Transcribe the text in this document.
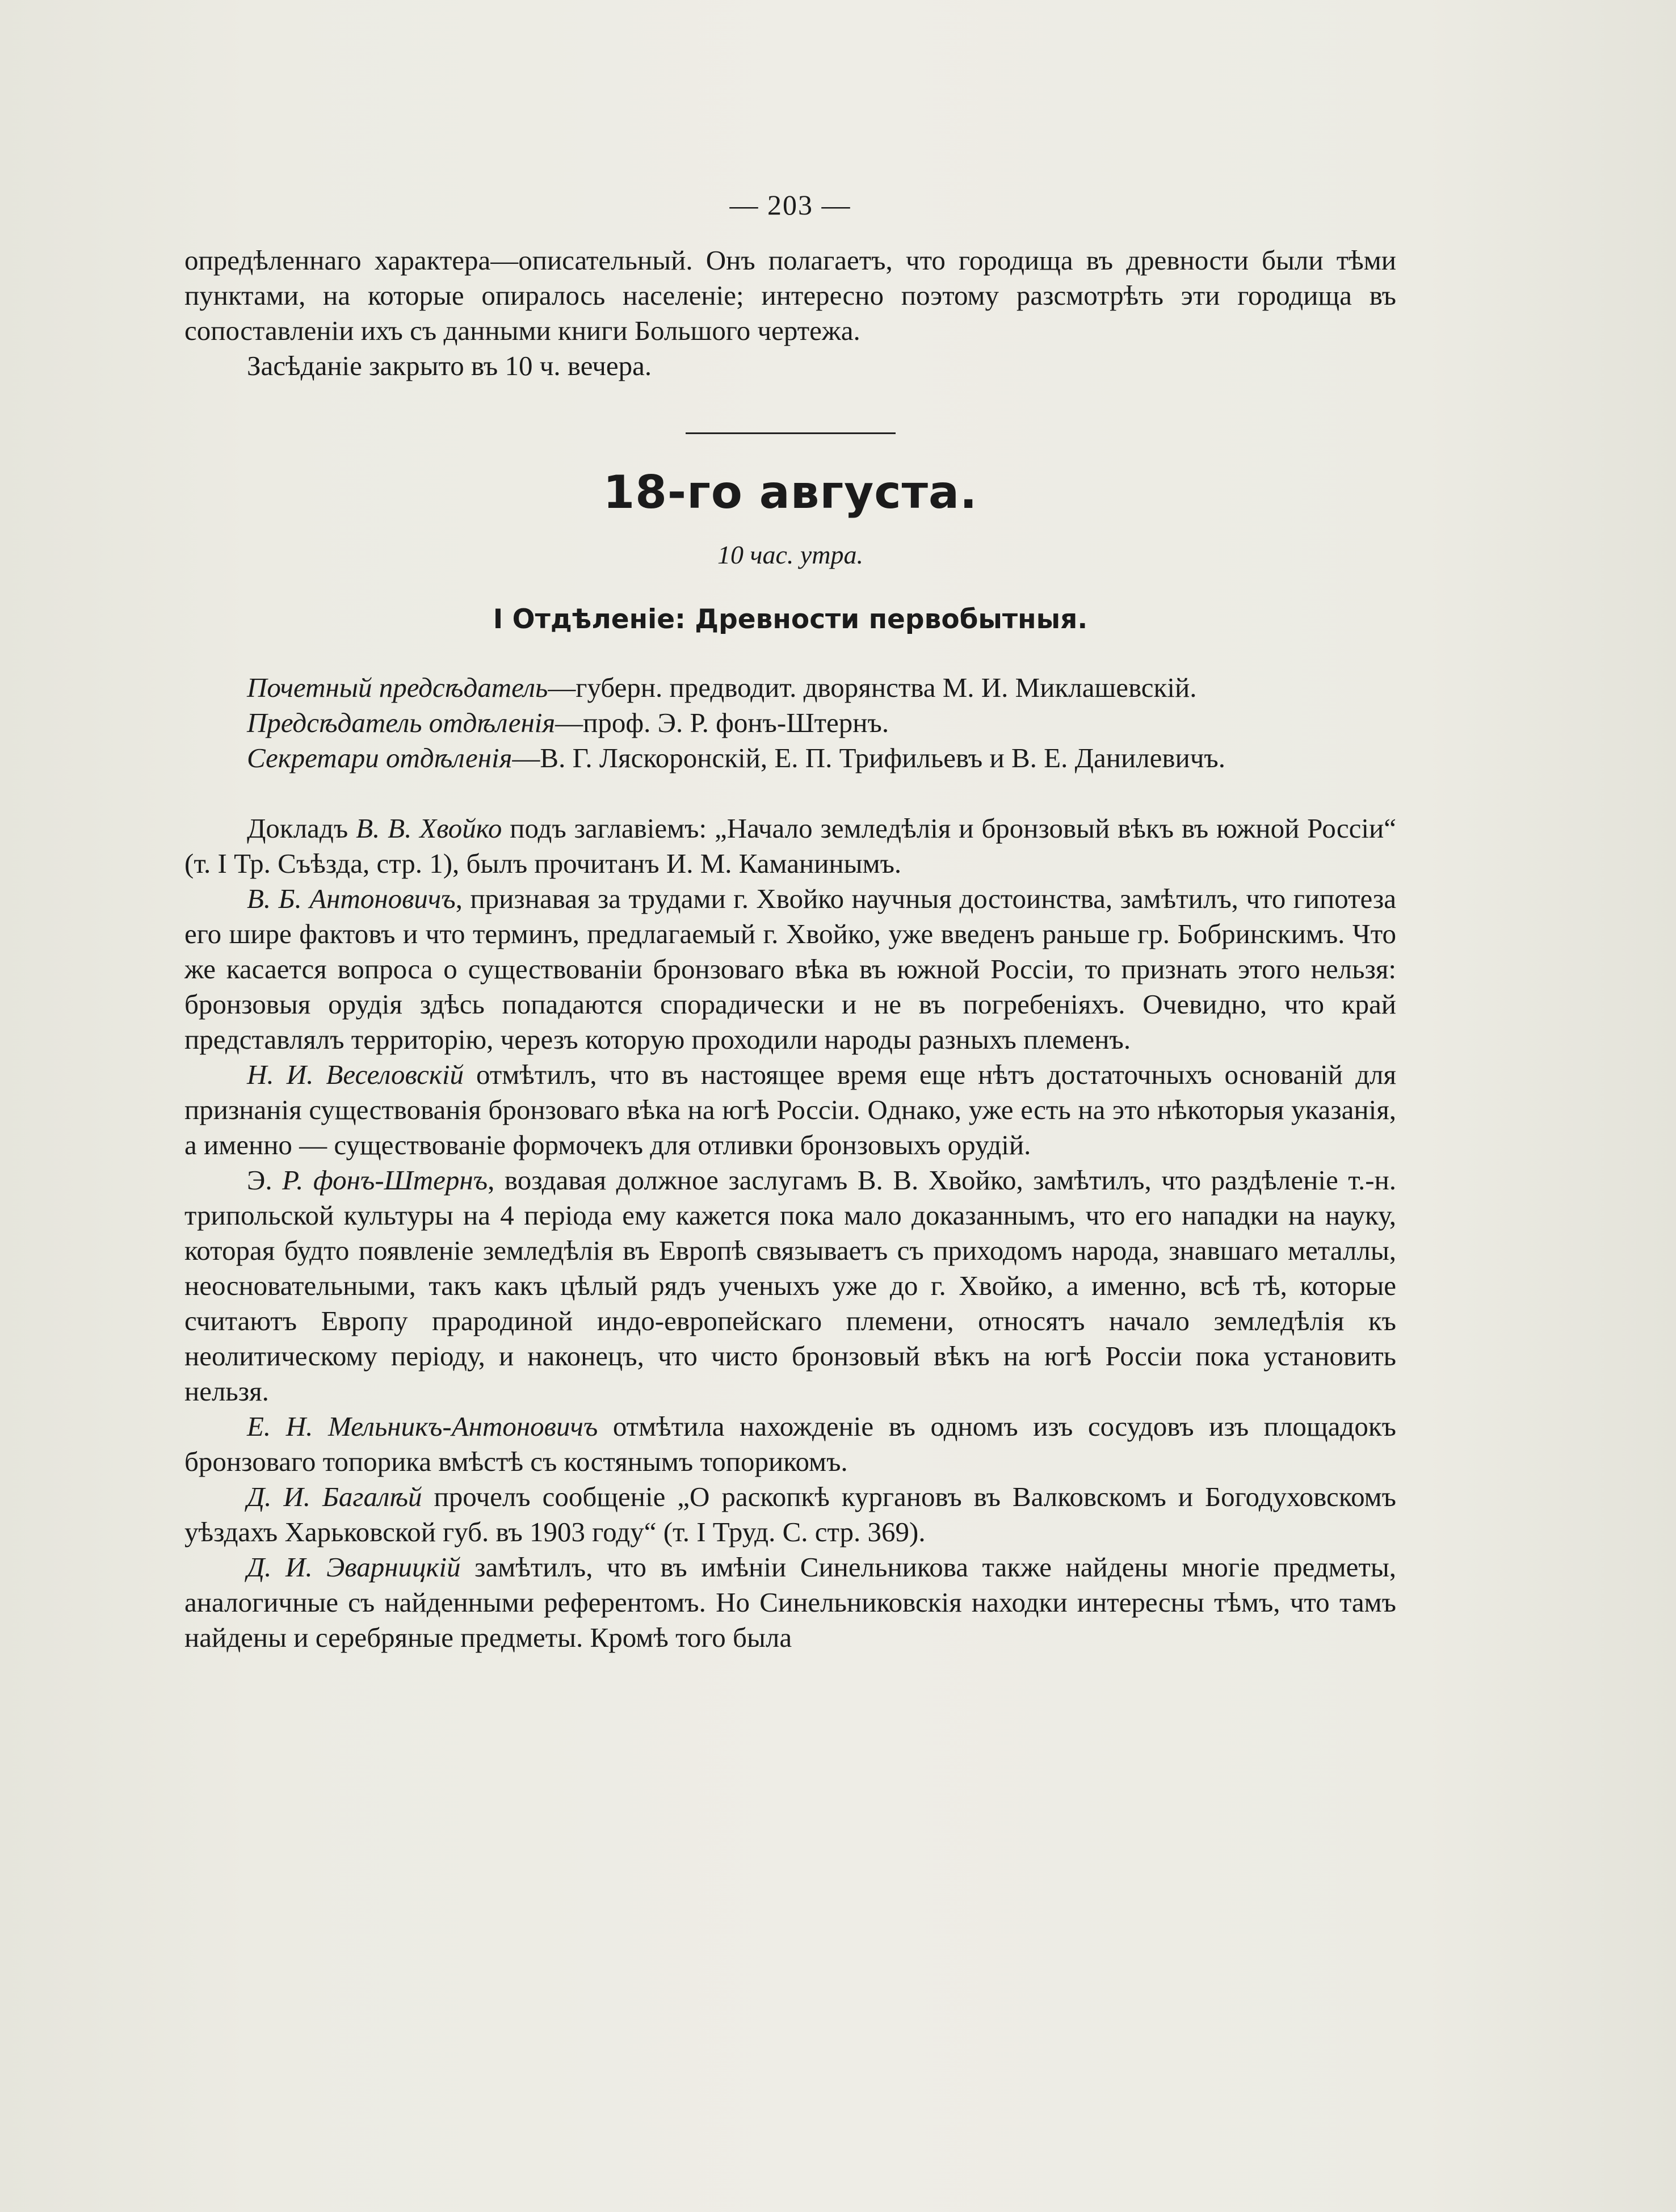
— 203 —

опредѣленнаго характера—описательный. Онъ полагаетъ, что городища въ древности были тѣми пунктами, на которые опиралось населеніе; интересно поэтому разсмотрѣть эти городища въ сопоставленіи ихъ съ данными книги Большого чертежа.

Засѣданіе закрыто въ 10 ч. вечера.

18-го августа.
10 час. утра.
I Отдѣленіе: Древности первобытныя.
Почетный предсѣдатель—губерн. предводит. дворянства М. И. Миклашевскій.
Предсѣдатель отдѣленія—проф. Э. Р. фонъ-Штернъ.
Секретари отдѣленія—В. Г. Ляскоронскій, Е. П. Трифильевъ и В. Е. Данилевичъ.

Докладъ В. В. Хвойко подъ заглавіемъ: „Начало земледѣлія и бронзовый вѣкъ въ южной Россіи“ (т. I Тр. Съѣзда, стр. 1), былъ прочитанъ И. М. Каманинымъ.

В. Б. Антоновичъ, признавая за трудами г. Хвойко научныя достоинства, замѣтилъ, что гипотеза его шире фактовъ и что терминъ, предлагаемый г. Хвойко, уже введенъ раньше гр. Бобринскимъ. Что же касается вопроса о существованіи бронзоваго вѣка въ южной Россіи, то признать этого нельзя: бронзовыя орудія здѣсь попадаются спорадически и не въ погребеніяхъ. Очевидно, что край представлялъ территорію, черезъ которую проходили народы разныхъ племенъ.

Н. И. Веселовскій отмѣтилъ, что въ настоящее время еще нѣтъ достаточныхъ основаній для признанія существованія бронзоваго вѣка на югѣ Россіи. Однако, уже есть на это нѣкоторыя указанія, а именно — существованіе формочекъ для отливки бронзовыхъ орудій.

Э. Р. фонъ-Штернъ, воздавая должное заслугамъ В. В. Хвойко, замѣтилъ, что раздѣленіе т.-н. трипольской культуры на 4 періода ему кажется пока мало доказаннымъ, что его нападки на науку, которая будто появленіе земледѣлія въ Европѣ связываетъ съ приходомъ народа, знавшаго металлы, неосновательными, такъ какъ цѣлый рядъ ученыхъ уже до г. Хвойко, а именно, всѣ тѣ, которые считаютъ Европу прародиной индо-европейскаго племени, относятъ начало земледѣлія къ неолитическому періоду, и наконецъ, что чисто бронзовый вѣкъ на югѣ Россіи пока установить нельзя.

Е. Н. Мельникъ-Антоновичъ отмѣтила нахожденіе въ одномъ изъ сосудовъ изъ площадокъ бронзоваго топорика вмѣстѣ съ костянымъ топорикомъ.

Д. И. Багалѣй прочелъ сообщеніе „О раскопкѣ кургановъ въ Валковскомъ и Богодуховскомъ уѣздахъ Харьковской губ. въ 1903 году“ (т. I Труд. С. стр. 369).

Д. И. Эварницкій замѣтилъ, что въ имѣніи Синельникова также найдены многіе предметы, аналогичные съ найденными референтомъ. Но Синельниковскія находки интересны тѣмъ, что тамъ найдены и серебряные предметы. Кромѣ того была
